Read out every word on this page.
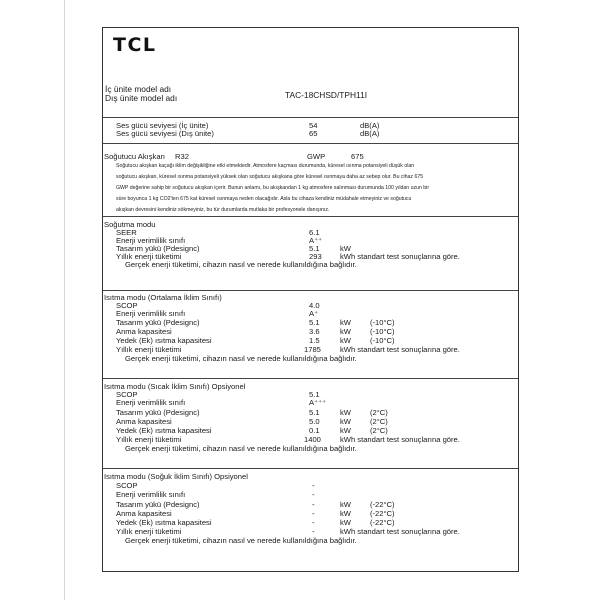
TCL
İç ünite model adı
Dış ünite model adı	TAC-18CHSD/TPH11I
Ses gücü seviyesi (İç ünite)	54	dB(A)
Ses gücü seviyesi (Dış ünite)	65	dB(A)
Soğutucu Akışkan R32	GWP	675
Soğutucu akışkan kaçağı iklim değişikliğine etki etmektedir. Atmosfere kaçması durumunda, küresel ısınma potansiyeli düşük olan
soğutucu akışkan, küresel ısınma potansiyeli yüksek olan soğutucu akışkana göre küresel ısınmaya daha az sebep olur. Bu cihaz 675
GWP değerine sahip bir soğutucu akışkan içerir. Bunun anlamı, bu akışkandan 1 kg atmosfere salınması durumunda 100 yıldan uzun bir
süre boyunca 1 kg CO2'ten 675 kat küresel ısınmaya neden olacağıdır. Asla bu cihaza kendiniz müdahale etmeyiniz ve soğutucu
akışkan devresini kendiniz sökmeyiniz, bu tür durumlarda mutlaka bir profesyonele danışınız.
Soğutma modu
SEER	6.1
Enerji verimlilik sınıfı	A⁺⁺
Tasarım yükü (Pdesignc)	5.1	kW
Yıllık enerji tüketimi	293 kWh standart test sonuçlarına göre.
Gerçek enerji tüketimi, cihazın nasıl ve nerede kullanıldığına bağlıdır.
Isıtma modu (Ortalama İklim Sınıfı)
SCOP	4.0
Enerji verimlilik sınıfı	A⁺
Tasarım yükü (Pdesignc)	5.1	kW	(-10°C)
Anma kapasitesi	3.6	kW	(-10°C)
Yedek (Ek) ısıtma kapasitesi	1.5	kW	(-10°C)
Yıllık enerji tüketimi	1785	kWh standart test sonuçlarına göre.
Gerçek enerji tüketimi, cihazın nasıl ve nerede kullanıldığına bağlıdır.
Isıtma modu (Sıcak İklim Sınıfı) Opsiyonel
SCOP	5.1
Enerji verimlilik sınıfı	A⁺⁺⁺
Tasarım yükü (Pdesignc)	5.1	kW	(2°C)
Anma kapasitesi	5.0	kW	(2°C)
Yedek (Ek) ısıtma kapasitesi	0.1	kW	(2°C)
Yıllık enerji tüketimi	1400	kWh standart test sonuçlarına göre.
Gerçek enerji tüketimi, cihazın nasıl ve nerede kullanıldığına bağlıdır.
Isıtma modu (Soğuk İklim Sınıfı) Opsiyonel
SCOP	-
Enerji verimlilik sınıfı	-
Tasarım yükü (Pdesignc)	-	kW	(-22°C)
Anma kapasitesi	-	kW	(-22°C)
Yedek (Ek) ısıtma kapasitesi	-	kW	(-22°C)
Yıllık enerji tüketimi	-	kWh standart test sonuçlarına göre.
Gerçek enerji tüketimi, cihazın nasıl ve nerede kullanıldığına bağlıdır.
